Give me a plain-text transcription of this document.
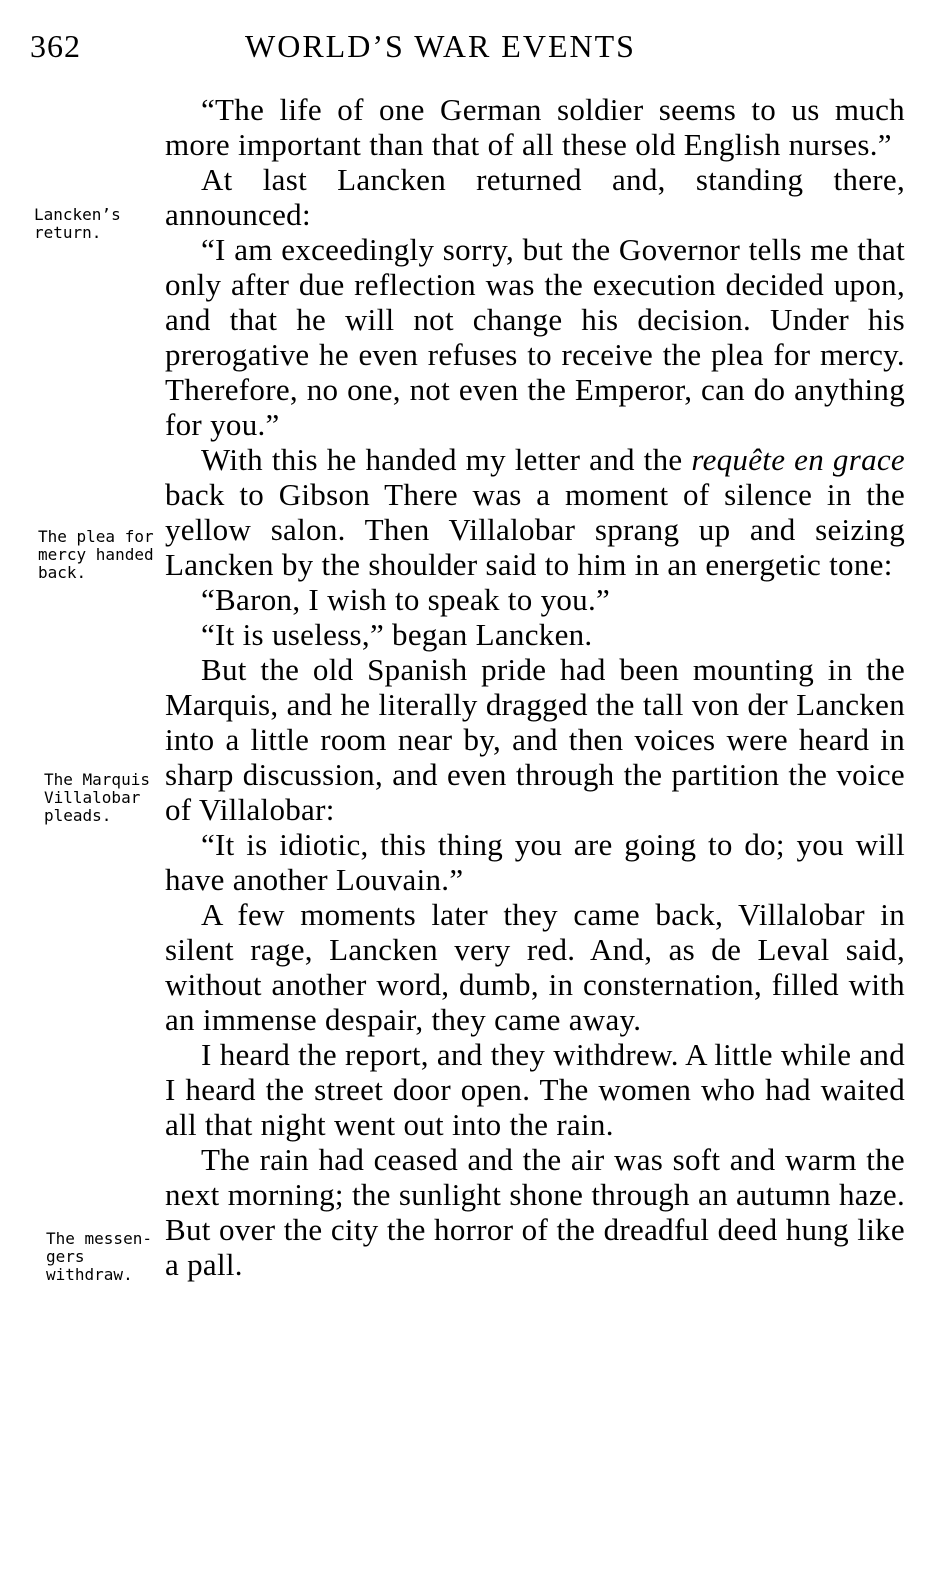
362	WORLD’S WAR EVENTS
Lancken’s return.
The plea for mercy handed back.
The Marquis Villalobar pleads.
The messengers withdraw.

“The life of one German soldier seems to us much more important than that of all these old English nurses.”

At last Lancken returned and, standing there, announced:

“I am exceedingly sorry, but the Governor tells me that only after due reflection was the execution decided upon, and that he will not change his decision. Under his prerogative he even refuses to receive the plea for mercy. Therefore, no one, not even the Emperor, can do anything for you.”

With this he handed my letter and the requête en grace back to Gibson There was a moment of silence in the yellow salon. Then Villalobar sprang up and seizing Lancken by the shoulder said to him in an energetic tone:

“Baron, I wish to speak to you.”

“It is useless,” began Lancken.

But the old Spanish pride had been mounting in the Marquis, and he literally dragged the tall von der Lancken into a little room near by, and then voices were heard in sharp discussion, and even through the partition the voice of Villalobar:

“It is idiotic, this thing you are going to do; you will have another Louvain.”

A few moments later they came back, Villalobar in silent rage, Lancken very red. And, as de Leval said, without another word, dumb, in consternation, filled with an immense despair, they came away.

I heard the report, and they withdrew. A little while and I heard the street door open. The women who had waited all that night went out into the rain.

The rain had ceased and the air was soft and warm the next morning; the sunlight shone through an autumn haze. But over the city the horror of the dreadful deed hung like a pall.
